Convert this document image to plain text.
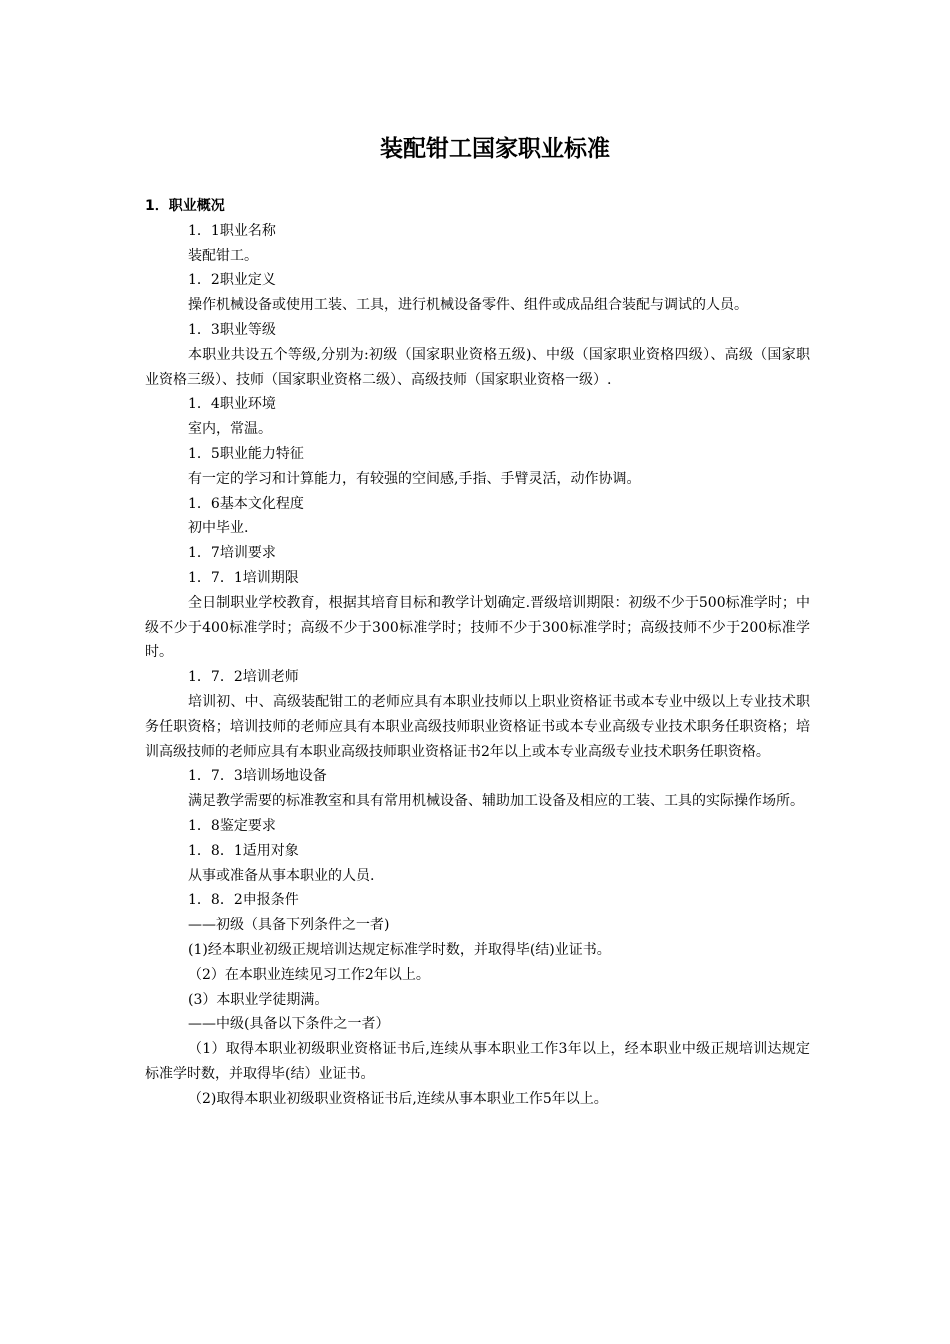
装配钳工国家职业标准
1．职业概况

1．1职业名称

装配钳工。

1．2职业定义

操作机械设备或使用工装、工具，进行机械设备零件、组件或成品组合装配与调试的人员。

1．3职业等级

本职业共设五个等级,分别为:初级（国家职业资格五级)、中级（国家职业资格四级）、高级（国家职业资格三级）、技师（国家职业资格二级）、高级技师（国家职业资格一级）.

1．4职业环境

室内，常温。

1．5职业能力特征

有一定的学习和计算能力，有较强的空间感,手指、手臂灵活，动作协调。

1．6基本文化程度

初中毕业.

1．7培训要求

1．7．1培训期限

全日制职业学校教育，根据其培育目标和教学计划确定.晋级培训期限：初级不少于500标准学时；中级不少于400标准学时；高级不少于300标准学时；技师不少于300标准学时；高级技师不少于200标准学时。

1．7．2培训老师

培训初、中、高级装配钳工的老师应具有本职业技师以上职业资格证书或本专业中级以上专业技术职务任职资格；培训技师的老师应具有本职业高级技师职业资格证书或本专业高级专业技术职务任职资格；培训高级技师的老师应具有本职业高级技师职业资格证书2年以上或本专业高级专业技术职务任职资格。

1．7．3培训场地设备

满足教学需要的标准教室和具有常用机械设备、辅助加工设备及相应的工装、工具的实际操作场所。

1．8鉴定要求

1．8．1适用对象

从事或准备从事本职业的人员.

1．8．2申报条件

——初级（具备下列条件之一者)

(1)经本职业初级正规培训达规定标准学时数，并取得毕(结)业证书。

（2）在本职业连续见习工作2年以上。

(3）本职业学徒期满。

——中级(具备以下条件之一者）

（1）取得本职业初级职业资格证书后,连续从事本职业工作3年以上，经本职业中级正规培训达规定标准学时数，并取得毕(结）业证书。

（2)取得本职业初级职业资格证书后,连续从事本职业工作5年以上。
